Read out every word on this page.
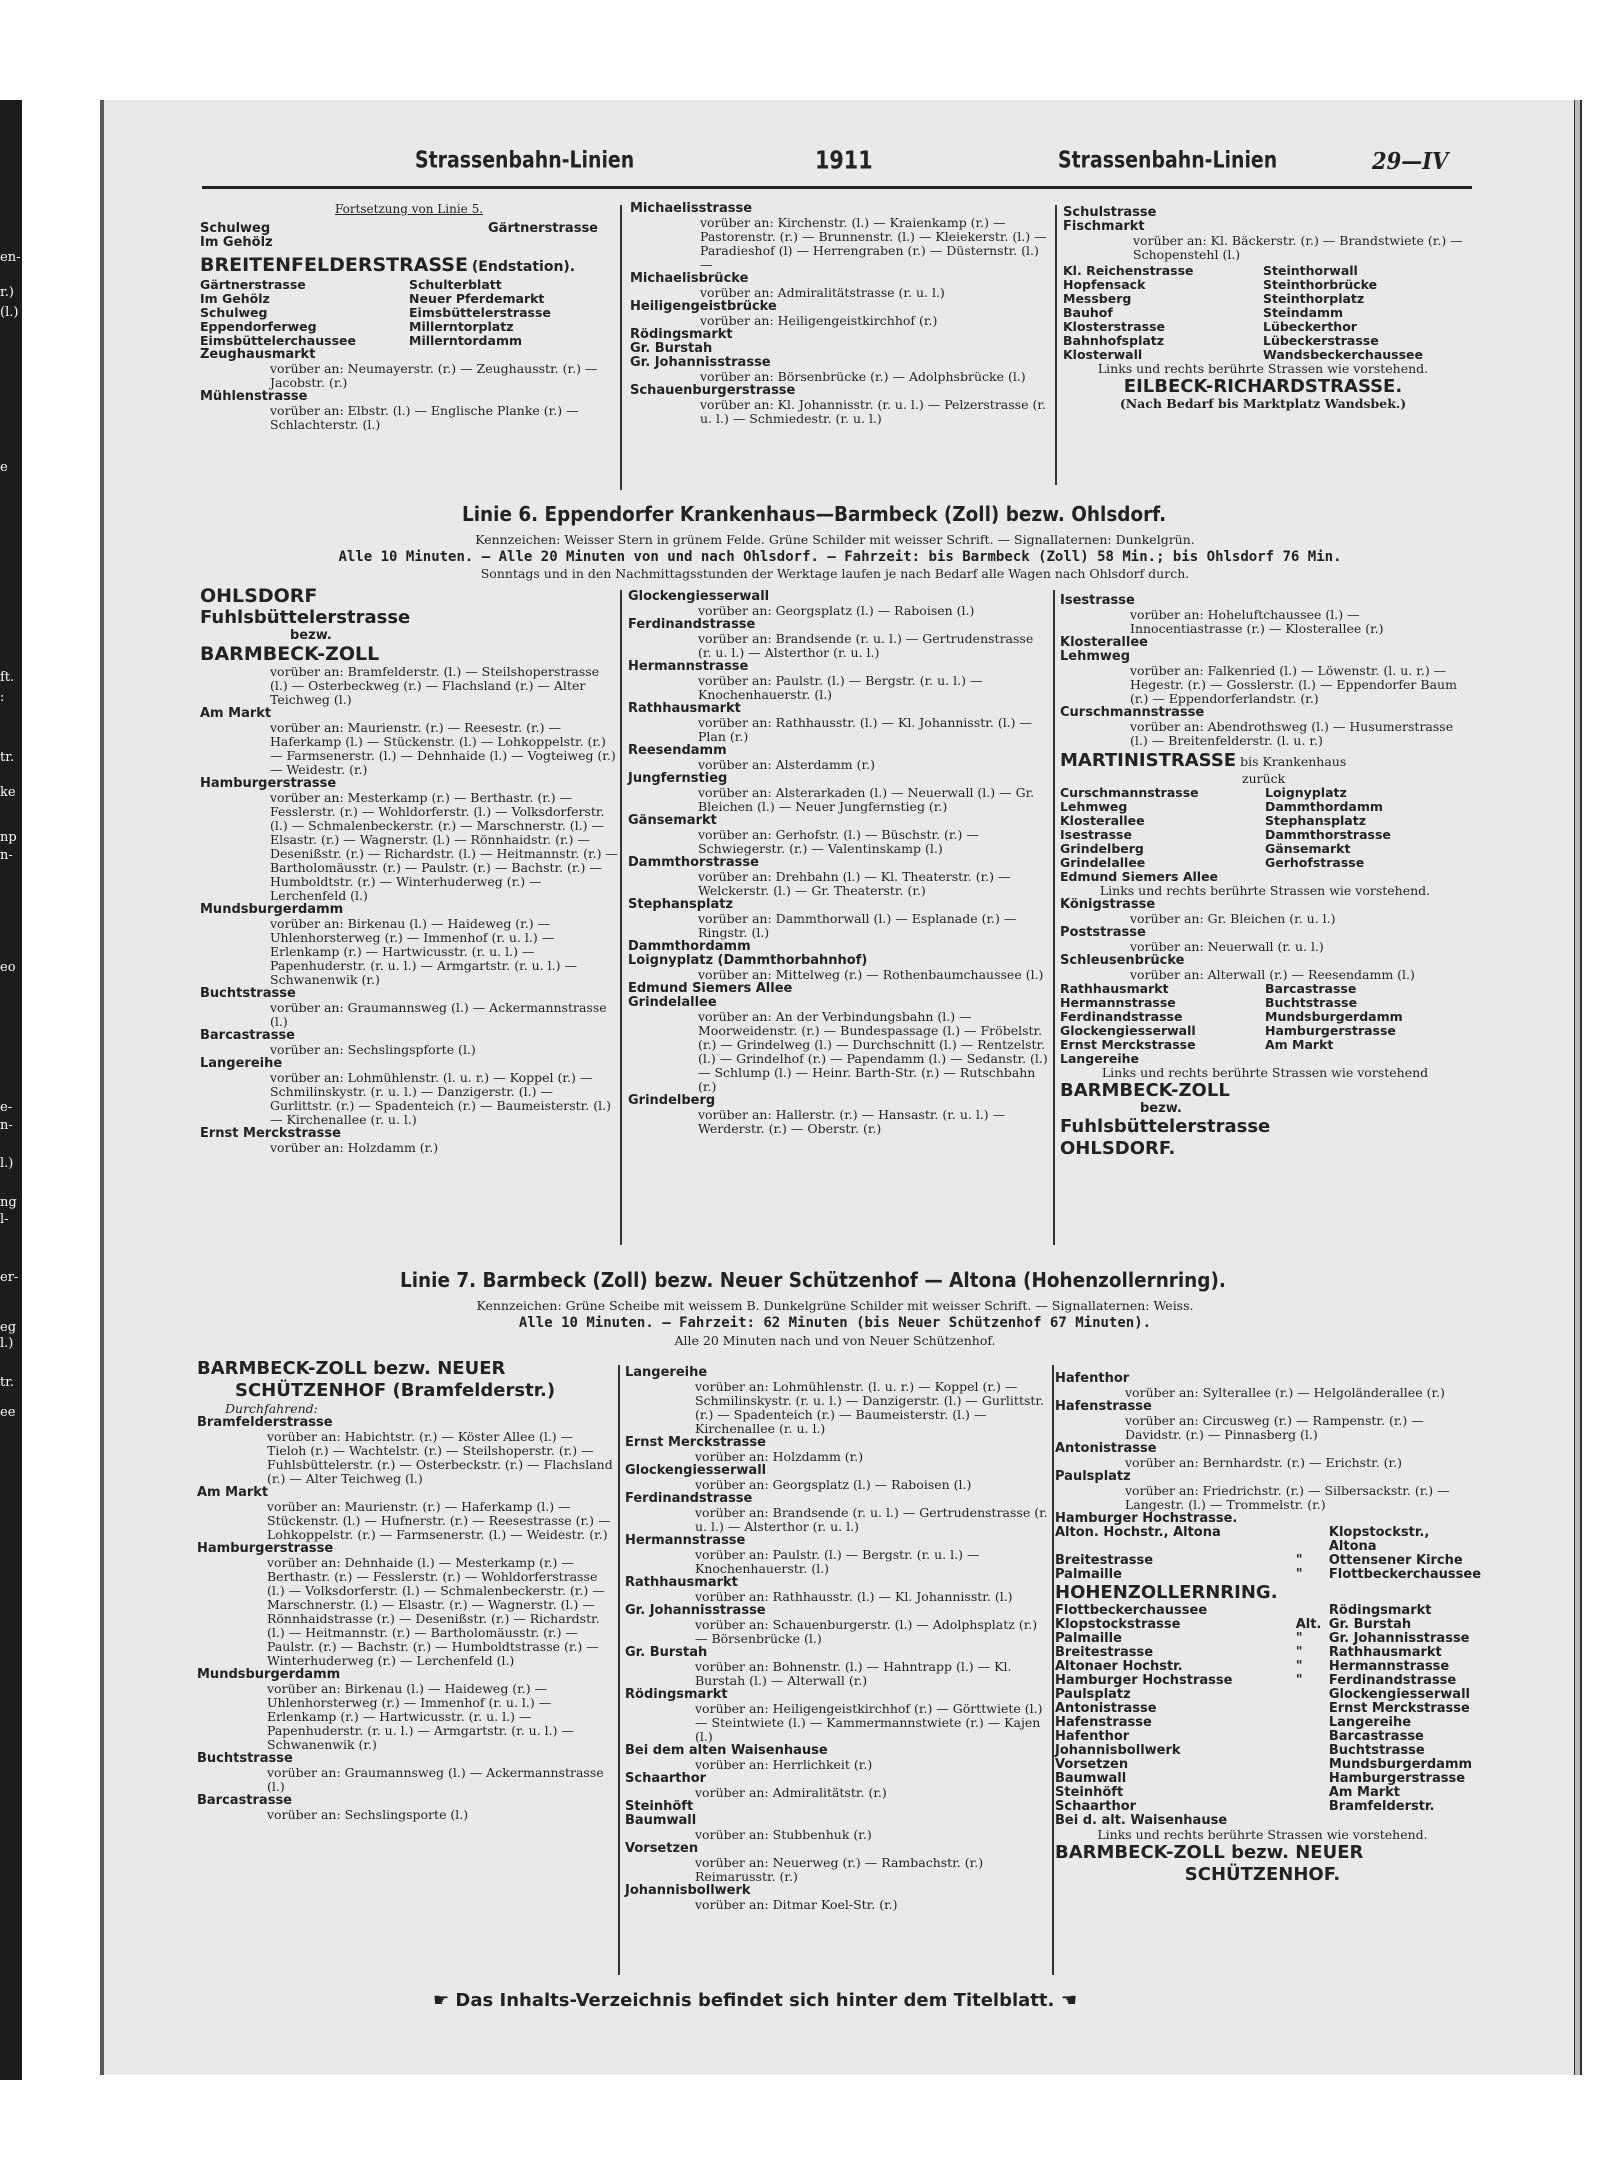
en-
r.)
(l.)
e
ft.
:
tr.
ke
np
n-
eo
e-
n-
l.)
ng
l-
er-
eg
l.)
tr.
ee
Strassenbahn-Linien	1911	Strassenbahn-Linien	29—IV
Fortsetzung von Linie 5.
Schulweg
Im Gehölz
Gärtnerstrasse
BREITENFELDERSTRASSE (Endstation).
Gärtnerstrasse	Schulterblatt
Im Gehölz	Neuer Pferdemarkt
Schulweg	Eimsbüttelerstrasse
Eppendorferweg	Millerntorplatz
Eimsbüttelerchaussee	Millerntordamm
Zeughausmarkt
vorüber an: Neumayerstr. (r.) — Zeughausstr. (r.) — Jacobstr. (r.)
Mühlenstrasse
vorüber an: Elbstr. (l.) — Englische Planke (r.) — Schlachterstr. (l.)
Michaelisstrasse
vorüber an: Kirchenstr. (l.) — Kraienkamp (r.) — Pastorenstr. (r.) — Brunnenstr. (l.) — Kleiekerstr. (l.) — Paradieshof (l) — Herrengraben (r.) — Düsternstr. (l.) —
Michaelisbrücke
vorüber an: Admiralitätstrasse (r. u. l.)
Heiligengeistbrücke
vorüber an: Heiligengeistkirchhof (r.)
Rödingsmarkt
Gr. Burstah
Gr. Johannisstrasse
vorüber an: Börsenbrücke (r.) — Adolphsbrücke (l.)
Schauenburgerstrasse
vorüber an: Kl. Johannisstr. (r. u. l.) — Pelzerstrasse (r. u. l.) — Schmiedestr. (r. u. l.)
Schulstrasse
Fischmarkt
vorüber an: Kl. Bäckerstr. (r.) — Brandstwiete (r.) — Schopenstehl (l.)
Kl. Reichenstrasse	Steinthorwall
Hopfensack	Steinthorbrücke
Messberg	Steinthorplatz
Bauhof	Steindamm
Klosterstrasse	Lübeckerthor
Bahnhofsplatz	Lübeckerstrasse
Klosterwall	Wandsbeckerchaussee
Links und rechts berührte Strassen wie vorstehend.
EILBECK-RICHARDSTRASSE.
(Nach Bedarf bis Marktplatz Wandsbek.)
Linie 6. Eppendorfer Krankenhaus—Barmbeck (Zoll) bezw. Ohlsdorf.
Kennzeichen: Weisser Stern in grünem Felde. Grüne Schilder mit weisser Schrift. — Signallaternen: Dunkelgrün.
Alle 10 Minuten. — Alle 20 Minuten von und nach Ohlsdorf. — Fahrzeit: bis Barmbeck (Zoll) 58 Min.; bis Ohlsdorf 76 Min.
Sonntags und in den Nachmittagsstunden der Werktage laufen je nach Bedarf alle Wagen nach Ohlsdorf durch.
OHLSDORF
Fuhlsbüttelerstrasse
bezw.
BARMBECK-ZOLL
vorüber an: Bramfelderstr. (l.) — Steilshoperstrasse (l.) — Osterbeckweg (r.) — Flachsland (r.) — Alter Teichweg (l.)
Am Markt
vorüber an: Maurienstr. (r.) — Reesestr. (r.) — Haferkamp (l.) — Stückenstr. (l.) — Lohkoppelstr. (r.) — Farmsenerstr. (l.) — Dehnhaide (l.) — Vogteiweg (r.) — Weidestr. (r.)
Hamburgerstrasse
vorüber an: Mesterkamp (r.) — Berthastr. (r.) — Fesslerstr. (r.) — Wohldorferstr. (l.) — Volksdorferstr. (l.) — Schmalenbeckerstr. (r.) — Marschnerstr. (l.) — Elsastr. (r.) — Wagnerstr. (l.) — Rönnhaidstr. (r.) — Desenißstr. (r.) — Richardstr. (l.) — Heitmannstr. (r.) — Bartholomäusstr. (r.) — Paulstr. (r.) — Bachstr. (r.) — Humboldtstr. (r.) — Winterhuderweg (r.) — Lerchenfeld (l.)
Mundsburgerdamm
vorüber an: Birkenau (l.) — Haideweg (r.) — Uhlenhorsterweg (r.) — Immenhof (r. u. l.) — Erlenkamp (r.) — Hartwicusstr. (r. u. l.) — Papenhuderstr. (r. u. l.) — Armgartstr. (r. u. l.) — Schwanenwik (r.)
Buchtstrasse
vorüber an: Graumannsweg (l.) — Ackermannstrasse (l.)
Barcastrasse
vorüber an: Sechslingspforte (l.)
Langereihe
vorüber an: Lohmühlenstr. (l. u. r.) — Koppel (r.) — Schmilinskystr. (r. u. l.) — Danzigerstr. (l.) — Gurlittstr. (r.) — Spadenteich (r.) — Baumeisterstr. (l.) — Kirchenallee (r. u. l.)
Ernst Merckstrasse
vorüber an: Holzdamm (r.)
Glockengiesserwall
vorüber an: Georgsplatz (l.) — Raboisen (l.)
Ferdinandstrasse
vorüber an: Brandsende (r. u. l.) — Gertrudenstrasse (r. u. l.) — Alsterthor (r. u. l.)
Hermannstrasse
vorüber an: Paulstr. (l.) — Bergstr. (r. u. l.) — Knochenhauerstr. (l.)
Rathhausmarkt
vorüber an: Rathhausstr. (l.) — Kl. Johannisstr. (l.) — Plan (r.)
Reesendamm
vorüber an: Alsterdamm (r.)
Jungfernstieg
vorüber an: Alsterarkaden (l.) — Neuerwall (l.) — Gr. Bleichen (l.) — Neuer Jungfernstieg (r.)
Gänsemarkt
vorüber an: Gerhofstr. (l.) — Büschstr. (r.) — Schwiegerstr. (r.) — Valentinskamp (l.)
Dammthorstrasse
vorüber an: Drehbahn (l.) — Kl. Theaterstr. (r.) — Welckerstr. (l.) — Gr. Theaterstr. (r.)
Stephansplatz
vorüber an: Dammthorwall (l.) — Esplanade (r.) — Ringstr. (l.)
Dammthordamm
Loignyplatz (Dammthorbahnhof)
vorüber an: Mittelweg (r.) — Rothenbaumchaussee (l.)
Edmund Siemers Allee
Grindelallee
vorüber an: An der Verbindungsbahn (l.) — Moorweidenstr. (r.) — Bundespassage (l.) — Fröbelstr. (r.) — Grindelweg (l.) — Durchschnitt (l.) — Rentzelstr. (l.) — Grindelhof (r.) — Papendamm (l.) — Sedanstr. (l.) — Schlump (l.) — Heinr. Barth-Str. (r.) — Rutschbahn (r.)
Grindelberg
vorüber an: Hallerstr. (r.) — Hansastr. (r. u. l.) — Werderstr. (r.) — Oberstr. (r.)
Isestrasse
vorüber an: Hoheluftchaussee (l.) — Innocentiastrasse (r.) — Klosterallee (r.)
Klosterallee
Lehmweg
vorüber an: Falkenried (l.) — Löwenstr. (l. u. r.) — Hegestr. (r.) — Gosslerstr. (l.) — Eppendorfer Baum (r.) — Eppendorferlandstr. (r.)
Curschmannstrasse
vorüber an: Abendrothsweg (l.) — Husumerstrasse (l.) — Breitenfelderstr. (l. u. r.)
MARTINISTRASSE bis Krankenhaus
zurück
Curschmannstrasse	Loignyplatz
Lehmweg	Dammthordamm
Klosterallee	Stephansplatz
Isestrasse	Dammthorstrasse
Grindelberg	Gänsemarkt
Grindelallee	Gerhofstrasse
Edmund Siemers Allee
Links und rechts berührte Strassen wie vorstehend.
Königstrasse
vorüber an: Gr. Bleichen (r. u. l.)
Poststrasse
vorüber an: Neuerwall (r. u. l.)
Schleusenbrücke
vorüber an: Alterwall (r.) — Reesendamm (l.)
Rathhausmarkt	Barcastrasse
Hermannstrasse	Buchtstrasse
Ferdinandstrasse	Mundsburgerdamm
Glockengiesserwall	Hamburgerstrasse
Ernst Merckstrasse	Am Markt
Langereihe
Links und rechts berührte Strassen wie vorstehend
BARMBECK-ZOLL
bezw.
Fuhlsbüttelerstrasse
OHLSDORF.
Linie 7. Barmbeck (Zoll) bezw. Neuer Schützenhof — Altona (Hohenzollernring).
Kennzeichen: Grüne Scheibe mit weissem B. Dunkelgrüne Schilder mit weisser Schrift. — Signallaternen: Weiss.
Alle 10 Minuten. — Fahrzeit: 62 Minuten (bis Neuer Schützenhof 67 Minuten).
Alle 20 Minuten nach und von Neuer Schützenhof.
BARMBECK-ZOLL bezw. NEUER
SCHÜTZENHOF (Bramfelderstr.)
Durchfahrend:
Bramfelderstrasse
vorüber an: Habichtstr. (r.) — Köster Allee (l.) — Tieloh (r.) — Wachtelstr. (r.) — Steilshoperstr. (r.) — Fuhlsbüttelerstr. (r.) — Osterbeckstr. (r.) — Flachsland (r.) — Alter Teichweg (l.)
Am Markt
vorüber an: Maurienstr. (r.) — Haferkamp (l.) — Stückenstr. (l.) — Hufnerstr. (r.) — Reesestrasse (r.) — Lohkoppelstr. (r.) — Farmsenerstr. (l.) — Weidestr. (r.)
Hamburgerstrasse
vorüber an: Dehnhaide (l.) — Mesterkamp (r.) — Berthastr. (r.) — Fesslerstr. (r.) — Wohldorferstrasse (l.) — Volksdorferstr. (l.) — Schmalenbeckerstr. (r.) — Marschnerstr. (l.) — Elsastr. (r.) — Wagnerstr. (l.) — Rönnhaidstrasse (r.) — Desenißstr. (r.) — Richardstr. (l.) — Heitmannstr. (r.) — Bartholomäusstr. (r.) — Paulstr. (r.) — Bachstr. (r.) — Humboldtstrasse (r.) — Winterhuderweg (r.) — Lerchenfeld (l.)
Mundsburgerdamm
vorüber an: Birkenau (l.) — Haideweg (r.) — Uhlenhorsterweg (r.) — Immenhof (r. u. l.) — Erlenkamp (r.) — Hartwicusstr. (r. u. l.) — Papenhuderstr. (r. u. l.) — Armgartstr. (r. u. l.) — Schwanenwik (r.)
Buchtstrasse
vorüber an: Graumannsweg (l.) — Ackermannstrasse (l.)
Barcastrasse
vorüber an: Sechslingsporte (l.)
Langereihe
vorüber an: Lohmühlenstr. (l. u. r.) — Koppel (r.) — Schmilinskystr. (r. u. l.) — Danzigerstr. (l.) — Gurlittstr. (r.) — Spadenteich (r.) — Baumeisterstr. (l.) — Kirchenallee (r. u. l.)
Ernst Merckstrasse
vorüber an: Holzdamm (r.)
Glockengiesserwall
vorüber an: Georgsplatz (l.) — Raboisen (l.)
Ferdinandstrasse
vorüber an: Brandsende (r. u. l.) — Gertrudenstrasse (r. u. l.) — Alsterthor (r. u. l.)
Hermannstrasse
vorüber an: Paulstr. (l.) — Bergstr. (r. u. l.) — Knochenhauerstr. (l.)
Rathhausmarkt
vorüber an: Rathhausstr. (l.) — Kl. Johannisstr. (l.)
Gr. Johannisstrasse
vorüber an: Schauenburgerstr. (l.) — Adolphsplatz (r.) — Börsenbrücke (l.)
Gr. Burstah
vorüber an: Bohnenstr. (l.) — Hahntrapp (l.) — Kl. Burstah (l.) — Alterwall (r.)
Rödingsmarkt
vorüber an: Heiligengeistkirchhof (r.) — Görttwiete (l.) — Steintwiete (l.) — Kammermannstwiete (r.) — Kajen (l.)
Bei dem alten Waisenhause
vorüber an: Herrlichkeit (r.)
Schaarthor
vorüber an: Admiralitätstr. (r.)
Steinhöft
Baumwall
vorüber an: Stubbenhuk (r.)
Vorsetzen
vorüber an: Neuerweg (r.) — Rambachstr. (r.) Reimarusstr. (r.)
Johannisbollwerk
vorüber an: Ditmar Koel-Str. (r.)
Hafenthor
vorüber an: Sylterallee (r.) — Helgoländerallee (r.)
Hafenstrasse
vorüber an: Circusweg (r.) — Rampenstr. (r.) — Davidstr. (r.) — Pinnasberg (l.)
Antonistrasse
vorüber an: Bernhardstr. (r.) — Erichstr. (r.)
Paulsplatz
vorüber an: Friedrichstr. (r.) — Silbersackstr. (r.) — Langestr. (l.) — Trommelstr. (r.)
Hamburger Hochstrasse.
Alton. Hochstr., Altona	Klopstockstr., Altona
Breitestrasse	"	Ottensener Kirche
Palmaille	"	Flottbeckerchaussee
HOHENZOLLERNRING.
Flottbeckerchaussee	Rödingsmarkt
Klopstockstrasse	Alt. Gr. Burstah
Palmaille	"	Gr. Johannisstrasse
Breitestrasse	"	Rathhausmarkt
Altonaer Hochstr.	"	Hermannstrasse
Hamburger Hochstrasse	"	Ferdinandstrasse
Paulsplatz	Glockengiesserwall
Antonistrasse	Ernst Merckstrasse
Hafenstrasse	Langereihe
Hafenthor	Barcastrasse
Johannisbollwerk	Buchtstrasse
Vorsetzen	Mundsburgerdamm
Baumwall	Hamburgerstrasse
Steinhöft	Am Markt
Schaarthor	Bramfelderstr.
Bei d. alt. Waisenhause
Links und rechts berührte Strassen wie vorstehend.
BARMBECK-ZOLL bezw. NEUER
SCHÜTZENHOF.
☛ Das Inhalts-Verzeichnis befindet sich hinter dem Titelblatt. ☛
